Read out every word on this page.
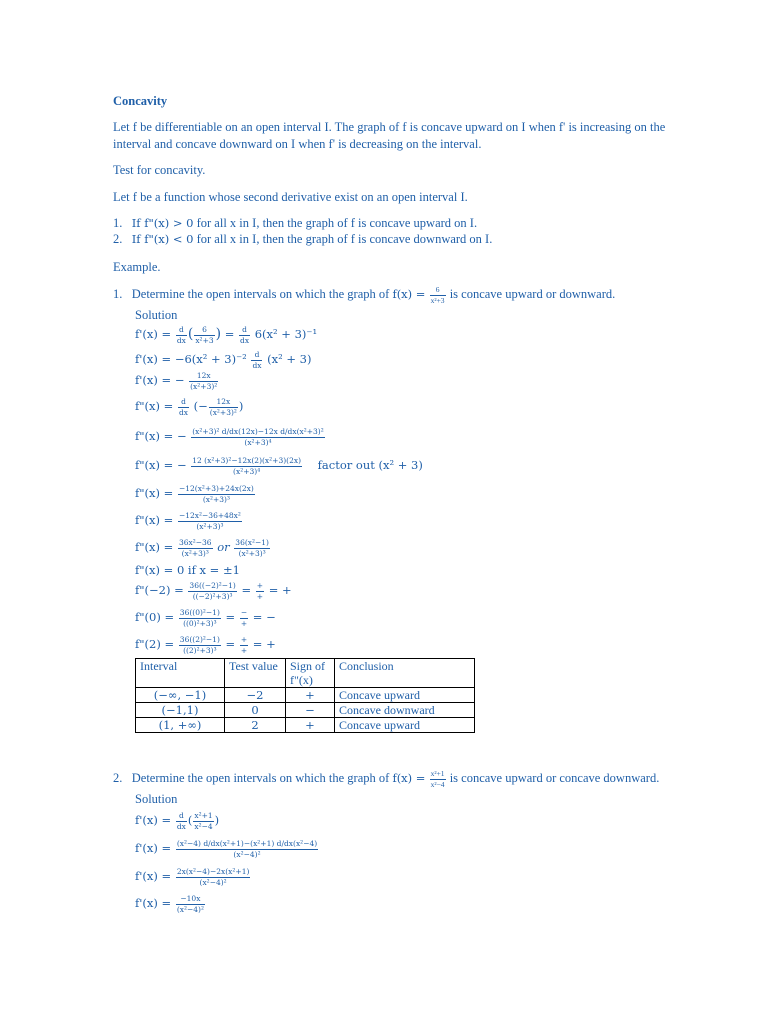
Concavity
Let f be differentiable on an open interval I. The graph of f is concave upward on I when f' is increasing on the
interval and concave downward on I when f' is decreasing on the interval.
Test for concavity.
Let f be a function whose second derivative exist on an open interval I.
1. If f"(x) > 0 for all x in I, then the graph of f is concave upward on I.
2. If f"(x) < 0 for all x in I, then the graph of f is concave downward on I.
Example.
1. Determine the open intervals on which the graph of $f(x) = \frac{6}{\text{x²+3}}$ is concave upward or downward.
Solution
$f'(x) = \frac{d}{dx}$ ( $\frac{6}{\text{x²+3}}$ ) = $\frac{d}{dx} 6(x^2 + 3)^{-1}$
$f'(x) = -6(x^2 + 3)^{-2} \frac{d}{dx} (x^2 + 3)$
f'(x) = − $\frac{12x}{\text{(x²+3)²}}$
f"(x) = $\frac{d}{dx}$ (− $\frac{12x}{\text{(x²+3)²}}$ )
f"(x) = − $\frac{\text{(x²+3)² d/dx(12x)−12x d/dx(x²+3)²}}{\text{(x²+3)⁴}}$
f"(x) = − $\frac{\text{12 (x²+3)²−12x(2)(x²+3)(2x)}}{\text{(x²+3)⁴}}$ factor out (x² + 3)
f"(x) = $\frac{\text{−12(x²+3)+24x(2x)}}{\text{(x²+3)³}}$
f"(x) = $\frac{\text{−12x²−36+48x²}}{\text{(x²+3)³}}$
f"(x) = $\frac{\text{36x²−36}}{\text{(x²+3)³}}$ or $\frac{\text{36(x²−1)}}{\text{(x²+3)³}}$
f"(x) = 0 if x = ±1
f"(−2) = $\frac{\text{36((−2)²−1)}}{\text{((−2)²+3)³}} = \frac{+}{+}$ = +
f"(0) = $\frac{\text{36((0)²−1)}}{\text{((0)²+3)³}} = \frac{-}{+}$ = −
f"(2) = $\frac{\text{36((2)²−1)}}{\text{((2)²+3)³}} = \frac{+}{+}$ = +
Interval	Test value	Sign of f"(x)	Conclusion
(−∞, −1)	−2	+	Concave upward
(−1,1)	0	−	Concave downward
(1, +∞)	2	+	Concave upward
2. Determine the open intervals on which the graph of $f(x) = \frac{\text{x²+1}}{\text{x²−4}}$ is concave upward or concave downward.
Solution
$f'(x) = \frac{d}{dx}$ ( $\frac{\text{x²+1}}{\text{x²−4}}$ )
$f'(x) = \frac{\text{(x²−4) d/dx(x²+1)−(x²+1) d/dx(x²−4)}}{\text{(x²−4)²}}$
$f'(x) = \frac{\text{2x(x²−4)−2x(x²+1)}}{\text{(x²−4)²}}$
$f'(x) = \frac{-10x}{\text{(x²−4)²}}$
